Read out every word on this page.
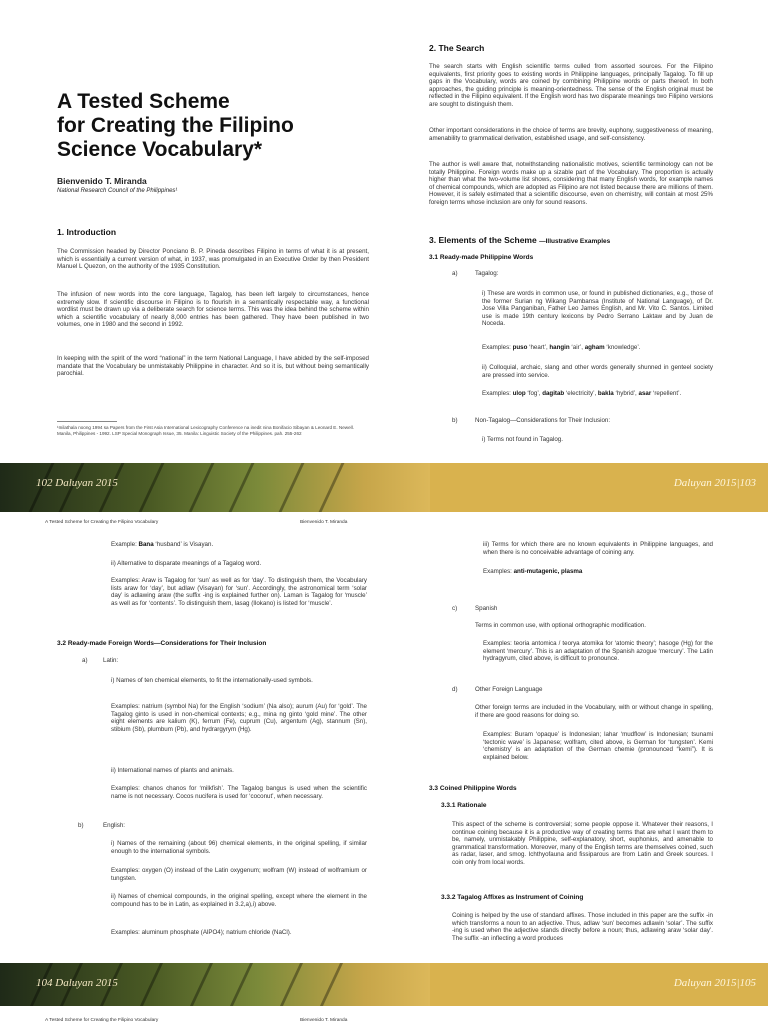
A Tested Scheme
for Creating the Filipino
Science Vocabulary*
Bienvenido T. Miranda
National Research Council of the Philippines¹
1. Introduction
The Commission headed by Director Ponciano B. P. Pineda describes Filipino in terms of what it is at present, which is essentially a current version of what, in 1937, was promulgated in an Executive Order by then President Manuel L Quezon, on the authority of the 1935 Constitution.
The infusion of new words into the core language, Tagalog, has been left largely to circumstances, hence extremely slow. If scientific discourse in Filipino is to flourish in a semantically respectable way, a functional wordlist must be drawn up via a deliberate search for science terms. This was the idea behind the scheme within which a scientific vocabulary of nearly 8,000 entries has been gathered. They have been published in two volumes, one in 1980 and the second in 1992.
In keeping with the spirit of the word “national” in the term National Language, I have abided by the self-imposed mandate that the Vocabulary be unmistakably Philippine in character. And so it is, but without being semantically parochial.
¹Inilathala noong 1994 sa Papers from the First Asia International Lexicography Conference na inedit nina Bonifacio Sibayan & Leonard E. Newell. Manila, Philippines - 1992. LSP Special Monograph Issue, 35. Manila: Linguistic Society of the Philippines. pah. 255-262
2. The Search
The search starts with English scientific terms culled from assorted sources. For the Filipino equivalents, first priority goes to existing words in Philippine languages, principally Tagalog. To fill up gaps in the Vocabulary, words are coined by combining Philippine words or parts thereof. In both approaches, the guiding principle is meaning-orientedness. The sense of the English original must be reflected in the Filipino equivalent. If the English word has two disparate meanings two Filipino versions are sought to distinguish them.
Other important considerations in the choice of terms are brevity, euphony, suggestiveness of meaning, amenability to grammatical derivation, established usage, and self-consistency.
The author is well aware that, notwithstanding nationalistic motives, scientific terminology can not be totally Philippine. Foreign words make up a sizable part of the Vocabulary. The proportion is actually higher than what the two-volume list shows, considering that many English words, for example names of chemical compounds, which are adopted as Filipino are not listed because there are millions of them. However, it is safely estimated that a scientific discourse, even on chemistry, will contain at most 25% foreign terms whose inclusion are only for sound reasons.
3. Elements of the Scheme —Illustrative Examples
3.1 Ready-made Philippine Words
a)	Tagalog:
i) These are words in common use, or found in published dictionaries, e.g., those of the former Surian ng Wikang Pambansa (Institute of National Language), of Dr. Jose Villa Panganiban, Father Leo James English, and Mr. Vito C. Santos. Limited use is made 19th century lexicons by Pedro Serrano Laktaw and by Juan de Noceda.
Examples: puso ‘heart’, hangin ‘air’, agham ‘knowledge’.
ii) Colloquial, archaic, slang and other words generally shunned in genteel society are pressed into service.
Examples: ulop ‘fog’, dagitab ‘electricity’, bakla ‘hybrid’, asar ‘repellent’.
b)	Non-Tagalog—Considerations for Their Inclusion:
i) Terms not found in Tagalog.
102 Daluyan 2015	Daluyan 2015|103
A Tested Scheme for Creating the Filipino Vocabulary	Bienvenido T. Miranda
Example: Bana ‘husband’ is Visayan.
ii) Alternative to disparate meanings of a Tagalog word.
Examples: Araw is Tagalog for ‘sun’ as well as for ‘day’. To distinguish them, the Vocabulary lists araw for ‘day’, but adlaw (Visayan) for ‘sun’. Accordingly, the astronomical term ‘solar day’ is adlawing araw (the suffix -ing is explained further on). Laman is Tagalog for ‘muscle’ as well as for ‘contents’. To distinguish them, lasag (Ilokano) is listed for ‘muscle’.
3.2 Ready-made Foreign Words—Considerations for Their Inclusion
a) Latin:
i) Names of ten chemical elements, to fit the internationally-used symbols.
Examples: natrium (symbol Na) for the English ‘sodium’ (Na also); aurum (Au) for ‘gold’. The Tagalog ginto is used in non-chemical contexts; e.g., mina ng ginto ‘gold mine’. The other eight elements are kalium (K), ferrum (Fe), cuprum (Cu), argentum (Ag), stannum (Sn), stibium (Sb), plumbum (Pb), and hydrargyrym (Hg).
ii) International names of plants and animals.
Examples: chanos chanos for ‘milkfish’. The Tagalog bangus is used when the scientific name is not necessary. Cocos nucifera is used for ‘coconut’, when necessary.
b)	English:
i) Names of the remaining (about 96) chemical elements, in the original spelling, if similar enough to the international symbols.
Examples: oxygen (O) instead of the Latin oxygenum; wolfram (W) instead of wolframium or tungsten.
ii) Names of chemical compounds, in the original spelling, except where the element in the compound has to be in Latin, as explained in 3.2,a),i) above.
Examples: aluminum phosphate (AlPO4); natrium chloride (NaCl).
iii) Terms for which there are no known equivalents in Philippine languages, and when there is no conceivable advantage of coining any.
Examples: anti-mutagenic, plasma
c)	Spanish
Terms in common use, with optional orthographic modification.
Examples: teoria antomica / teorya atomika for ‘atomic theory’; hasoge (Hg) for the element ‘mercury’. This is an adaptation of the Spanish azogue ‘mercury’. The Latin hydragyrum, cited above, is difficult to pronounce.
d)	Other Foreign Language
Other foreign terms are included in the Vocabulary, with or without change in spelling, if there are good reasons for doing so.
Examples: Buram ‘opaque’ is Indonesian; lahar ‘mudflow’ is Indonesian; tsunami ‘tectonic wave’ is Japanese; wolfram, cited above, is German for ‘tungsten’. Kemi ‘chemistry’ is an adaptation of the German chemie (pronounced “kemi”). It is explained below.
3.3 Coined Philippine Words
3.3.1 Rationale
This aspect of the scheme is controversial; some people oppose it. Whatever their reasons, I continue coining because it is a productive way of creating terms that are what I want them to be, namely, unmistakably Philippine, self-explanatory, short, euphonius, and amenable to grammatical transformation. Moreover, many of the English terms are themselves coined, such as radar, laser, and smog. Ichthyofauna and fissiparous are from Latin and Greek sources. I coin only from local words.
3.3.2 Tagalog Affixes as Instrument of Coining
Coining is helped by the use of standard affixes. Those included in this paper are the suffix -in which transforms a noun to an adjective. Thus, adlaw ‘sun’ becomes adlawin ‘solar’. The suffix -ing is used when the adjective stands directly before a noun; thus, adlawing araw ‘solar day’. The suffix -an inflecting a word produces
104 Daluyan 2015	Daluyan 2015|105
A Tested Scheme for Creating the Filipino Vocabulary	Bienvenido T. Miranda
